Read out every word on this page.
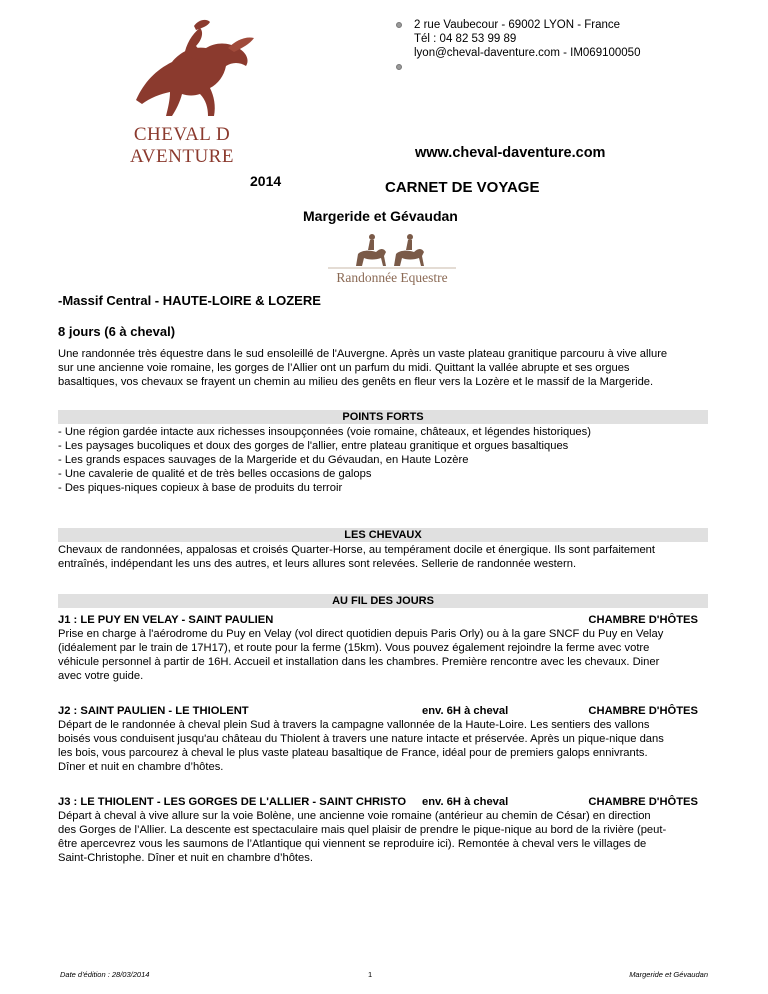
2 rue Vaubecour - 69002 LYON - France
Tél : 04 82 53 99 89
lyon@cheval-daventure.com - IM069100050
CHEVAL D AVENTURE	www.cheval-daventure.com
2014	CARNET DE VOYAGE
Margeride et Gévaudan
Randonnée Equestre
-Massif Central - HAUTE-LOIRE & LOZERE
8 jours (6 à cheval)
Une randonnée très équestre dans le sud ensoleillé de l'Auvergne. Après un vaste plateau granitique parcouru à vive allure
sur une ancienne voie romaine, les gorges de l’Allier ont un parfum du midi. Quittant la vallée abrupte et ses orgues
basaltiques, vos chevaux se frayent un chemin au milieu des genêts en fleur vers la Lozère et le massif de la Margeride.
POINTS FORTS
- Une région gardée intacte aux richesses insoupçonnées (voie romaine, châteaux, et légendes historiques)
- Les paysages bucoliques et doux des gorges de l'allier, entre plateau granitique et orgues basaltiques
- Les grands espaces sauvages de la Margeride et du Gévaudan, en Haute Lozère
- Une cavalerie de qualité et de très belles occasions de galops
- Des piques-niques copieux à base de produits du terroir
LES CHEVAUX
Chevaux de randonnées, appalosas et croisés Quarter-Horse, au tempérament docile et énergique. Ils sont parfaitement
entraînés, indépendant les uns des autres, et leurs allures sont relevées. Sellerie de randonnée western.
AU FIL DES JOURS
J1 : LE PUY EN VELAY - SAINT PAULIEN	CHAMBRE D'HÔTES
Prise en charge à l'aérodrome du Puy en Velay (vol direct quotidien depuis Paris Orly) ou à la gare SNCF du Puy en Velay
(idéalement par le train de 17H17), et route pour la ferme (15km). Vous pouvez également rejoindre la ferme avec votre
véhicule personnel à partir de 16H. Accueil et installation dans les chambres. Première rencontre avec les chevaux. Diner
avec votre guide.
J2 : SAINT PAULIEN - LE THIOLENT	env. 6H à cheval	CHAMBRE D'HÔTES
Départ de le randonnée à cheval plein Sud à travers la campagne vallonnée de la Haute-Loire. Les sentiers des vallons
boisés vous conduisent jusqu'au château du Thiolent à travers une nature intacte et préservée. Après un pique-nique dans
les bois, vous parcourez à cheval le plus vaste plateau basaltique de France, idéal pour de premiers galops ennivrants.
Dîner et nuit en chambre d’hôtes.
J3 : LE THIOLENT - LES GORGES DE L'ALLIER - SAINT CHRISTO env. 6H à cheval	CHAMBRE D'HÔTES
Départ à cheval à vive allure sur la voie Bolène, une ancienne voie romaine (antérieur au chemin de César) en direction
des Gorges de l’Allier. La descente est spectaculaire mais quel plaisir de prendre le pique-nique au bord de la rivière (peut-
être apercevrez vous les saumons de l’Atlantique qui viennent se reproduire ici). Remontée à cheval vers le villages de
Saint-Christophe. Dîner et nuit en chambre d’hôtes.
Date d'édition : 28/03/2014	1	Margeride et Gévaudan
